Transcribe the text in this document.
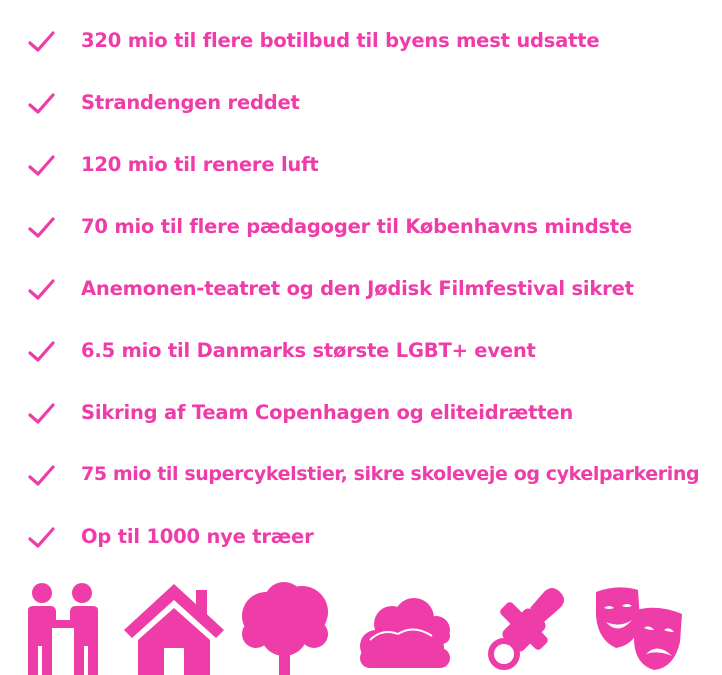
320 mio til flere botilbud til byens mest udsatte
Strandengen reddet
120 mio til renere luft
70 mio til flere pædagoger til Københavns mindste
Anemonen-teatret og den Jødisk Filmfestival sikret
6.5 mio til Danmarks største LGBT+ event
Sikring af Team Copenhagen og eliteidrætten
75 mio til supercykelstier, sikre skoleveje og cykelparkering
Op til 1000 nye træer
